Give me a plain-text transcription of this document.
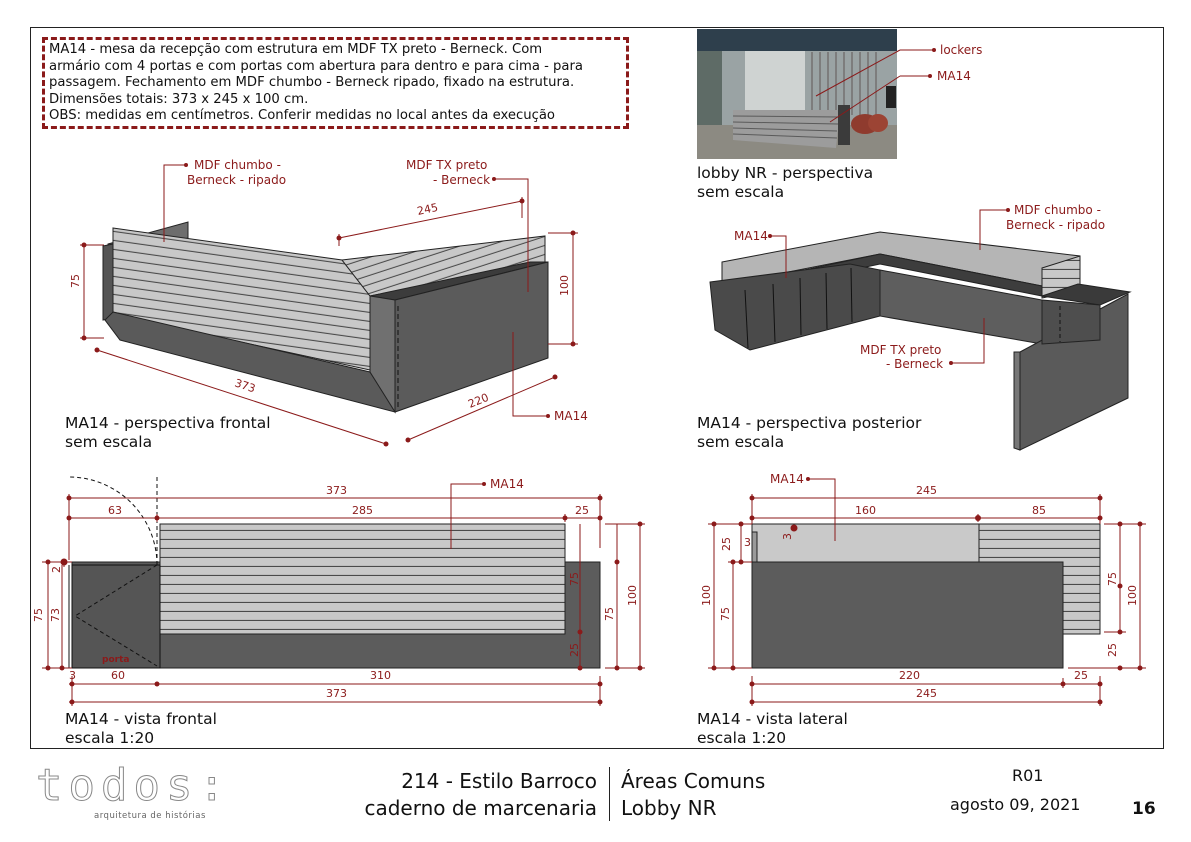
MA14 - mesa da recepção com estrutura em MDF TX preto - Berneck. Com
armário com 4 portas e com portas com abertura para dentro e para cima - para
passagem. Fechamento em MDF chumbo - Berneck ripado, fixado na estrutura.
Dimensões totais: 373 x 245 x 100 cm.
OBS: medidas em centímetros. Conferir medidas no local antes da execução
lockers
MA14
MDF chumbo -
Berneck - ripado
MDF TX preto
- Berneck
MA14
245
75	100
373
220
MA14
MDF chumbo -
Berneck - ripado
MDF TX preto
- Berneck
porta
MA14
373
63	285	25
2
75 73
75
25
100
75
3	60	310
373
MA14
245
160	85
25 3	3
100
75
75
100
25
220	25
245
lobby NR - perspectiva
sem escala
MA14 - perspectiva frontal
sem escala
MA14 - perspectiva posterior
sem escala
MA14 - vista frontal
escala 1:20
MA14 - vista lateral
escala 1:20
todos:
arquitetura de histórias
214 - Estilo Barroco
caderno de marcenaria
Áreas Comuns
Lobby NR
R01
agosto 09, 2021	16
